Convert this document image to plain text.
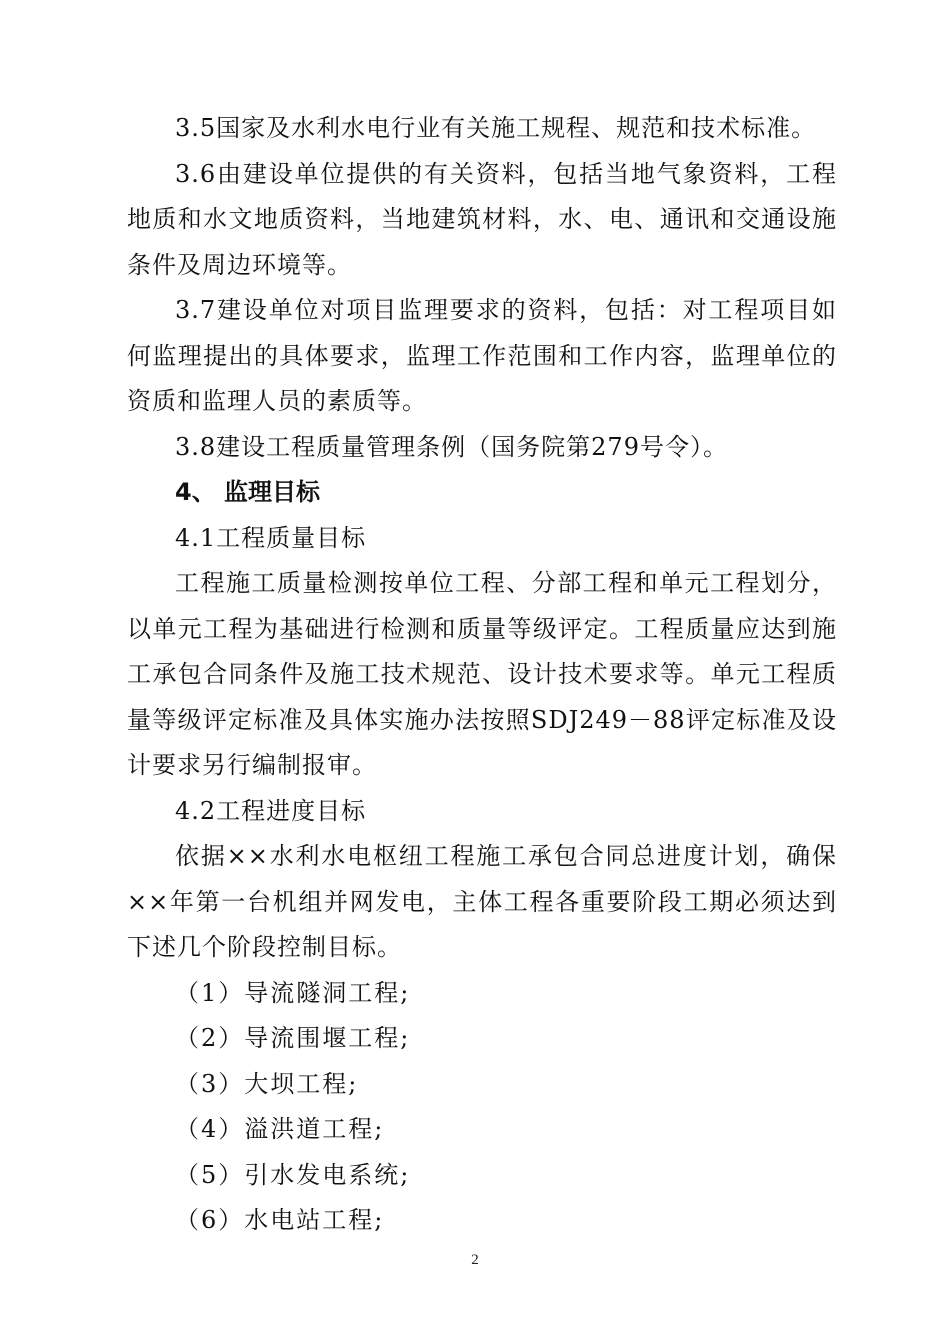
3.5国家及水利水电行业有关施工规程、规范和技术标准。

3.6由建设单位提供的有关资料，包括当地气象资料，工程地质和水文地质资料，当地建筑材料，水、电、通讯和交通设施条件及周边环境等。

3.7建设单位对项目监理要求的资料，包括：对工程项目如何监理提出的具体要求，监理工作范围和工作内容，监理单位的资质和监理人员的素质等。

3.8建设工程质量管理条例（国务院第279号令）。

4、 监理目标

4.1工程质量目标

工程施工质量检测按单位工程、分部工程和单元工程划分，以单元工程为基础进行检测和质量等级评定。工程质量应达到施工承包合同条件及施工技术规范、设计技术要求等。单元工程质量等级评定标准及具体实施办法按照SDJ249－88评定标准及设计要求另行编制报审。

4.2工程进度目标

依据××水利水电枢纽工程施工承包合同总进度计划，确保××年第一台机组并网发电，主体工程各重要阶段工期必须达到下述几个阶段控制目标。

（1）导流隧洞工程;

（2）导流围堰工程;

（3）大坝工程;

（4）溢洪道工程;

（5）引水发电系统;

（6）水电站工程;

2
